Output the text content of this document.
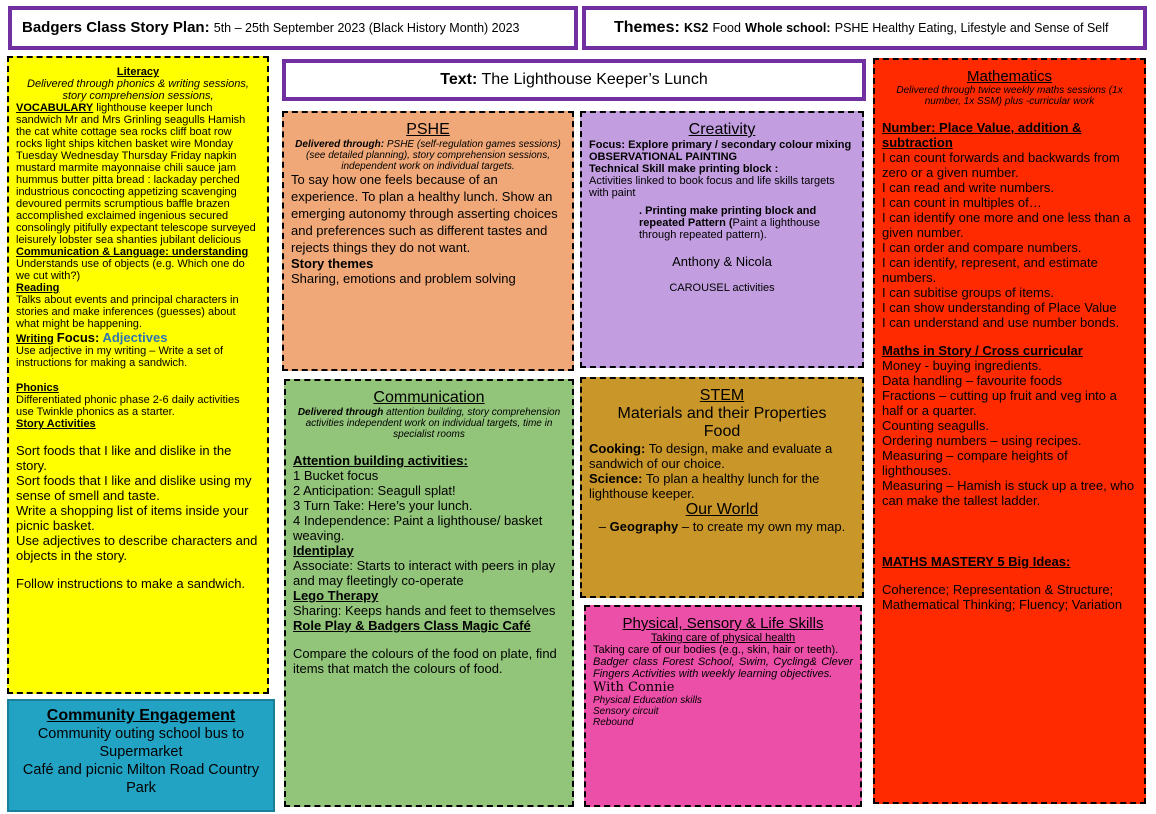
Badgers Class Story Plan: 5th – 25th September 2023 (Black History Month) 2023	Themes: KS2 Food Whole school: PSHE Healthy Eating, Lifestyle and Sense of Self
Text: The Lighthouse Keeper’s Lunch
Literacy
Delivered through phonics & writing sessions, story comprehension sessions,
VOCABULARY lighthouse keeper lunch sandwich Mr and Mrs Grinling seagulls Hamish the cat white cottage sea rocks cliff boat row rocks light ships kitchen basket wire Monday Tuesday Wednesday Thursday Friday napkin mustard marmite mayonnaise chili sauce jam hummus butter pitta bread : lackaday perched industrious concocting appetizing scavenging devoured permits scrumptious baffle brazen accomplished exclaimed ingenious secured consolingly pitifully expectant telescope surveyed leisurely lobster sea shanties jubilant delicious
Communication & Language: understanding
Understands use of objects (e.g. Which one do we cut with?)
Reading
Talks about events and principal characters in stories and make inferences (guesses) about what might be happening.
Writing Focus: Adjectives
Use adjective in my writing – Write a set of instructions for making a sandwich.
Phonics
Differentiated phonic phase 2-6 daily activities use Twinkle phonics as a starter.
Story Activities
Sort foods that I like and dislike in the story.
Sort foods that I like and dislike using my sense of smell and taste.
Write a shopping list of items inside your picnic basket.
Use adjectives to describe characters and objects in the story.
Follow instructions to make a sandwich.
Community Engagement
Community outing school bus to Supermarket
Café and picnic Milton Road Country Park
PSHE
Delivered through: PSHE (self-regulation games sessions) (see detailed planning), story comprehension sessions, independent work on individual targets.
To say how one feels because of an experience. To plan a healthy lunch. Show an emerging autonomy through asserting choices and preferences such as different tastes and rejects things they do not want.
Story themes
Sharing, emotions and problem solving
Creativity
Focus: Explore primary / secondary colour mixing OBSERVATIONAL PAINTING
Technical Skill make printing block :
Activities linked to book focus and life skills targets with paint
. Printing make printing block and repeated Pattern (Paint a lighthouse through repeated pattern).
Anthony & Nicola
CAROUSEL activities
Communication
Delivered through attention building, story comprehension activities independent work on individual targets, time in specialist rooms
Attention building activities:
1 Bucket focus
2 Anticipation: Seagull splat!
3 Turn Take: Here’s your lunch.
4 Independence: Paint a lighthouse/ basket weaving.
Identiplay
Associate: Starts to interact with peers in play and may fleetingly co-operate
Lego Therapy
Sharing: Keeps hands and feet to themselves
Role Play & Badgers Class Magic Café
Compare the colours of the food on plate, find items that match the colours of food.
STEM
Materials and their Properties
Food
Cooking: To design, make and evaluate a sandwich of our choice.
Science: To plan a healthy lunch for the lighthouse keeper.
Our World
– Geography – to create my own my map.
Physical, Sensory & Life Skills
Taking care of physical health
Taking care of our bodies (e.g., skin, hair or teeth).
Badger class Forest School, Swim, Cycling& Clever Fingers Activities with weekly learning objectives.
With Connie
Physical Education skills
Sensory circuit
Rebound
Mathematics
Delivered through twice weekly maths sessions (1x number, 1x SSM) plus -curricular work
Number: Place Value, addition & subtraction
I can count forwards and backwards from zero or a given number.
I can read and write numbers.
I can count in multiples of…
I can identify one more and one less than a given number.
I can order and compare numbers.
I can identify, represent, and estimate numbers.
I can subitise groups of items.
I can show understanding of Place Value
I can understand and use number bonds.
Maths in Story / Cross curricular
Money - buying ingredients.
Data handling – favourite foods
Fractions – cutting up fruit and veg into a half or a quarter.
Counting seagulls.
Ordering numbers – using recipes.
Measuring – compare heights of lighthouses.
Measuring – Hamish is stuck up a tree, who can make the tallest ladder.
MATHS MASTERY 5 Big Ideas:
Coherence; Representation & Structure; Mathematical Thinking; Fluency; Variation
